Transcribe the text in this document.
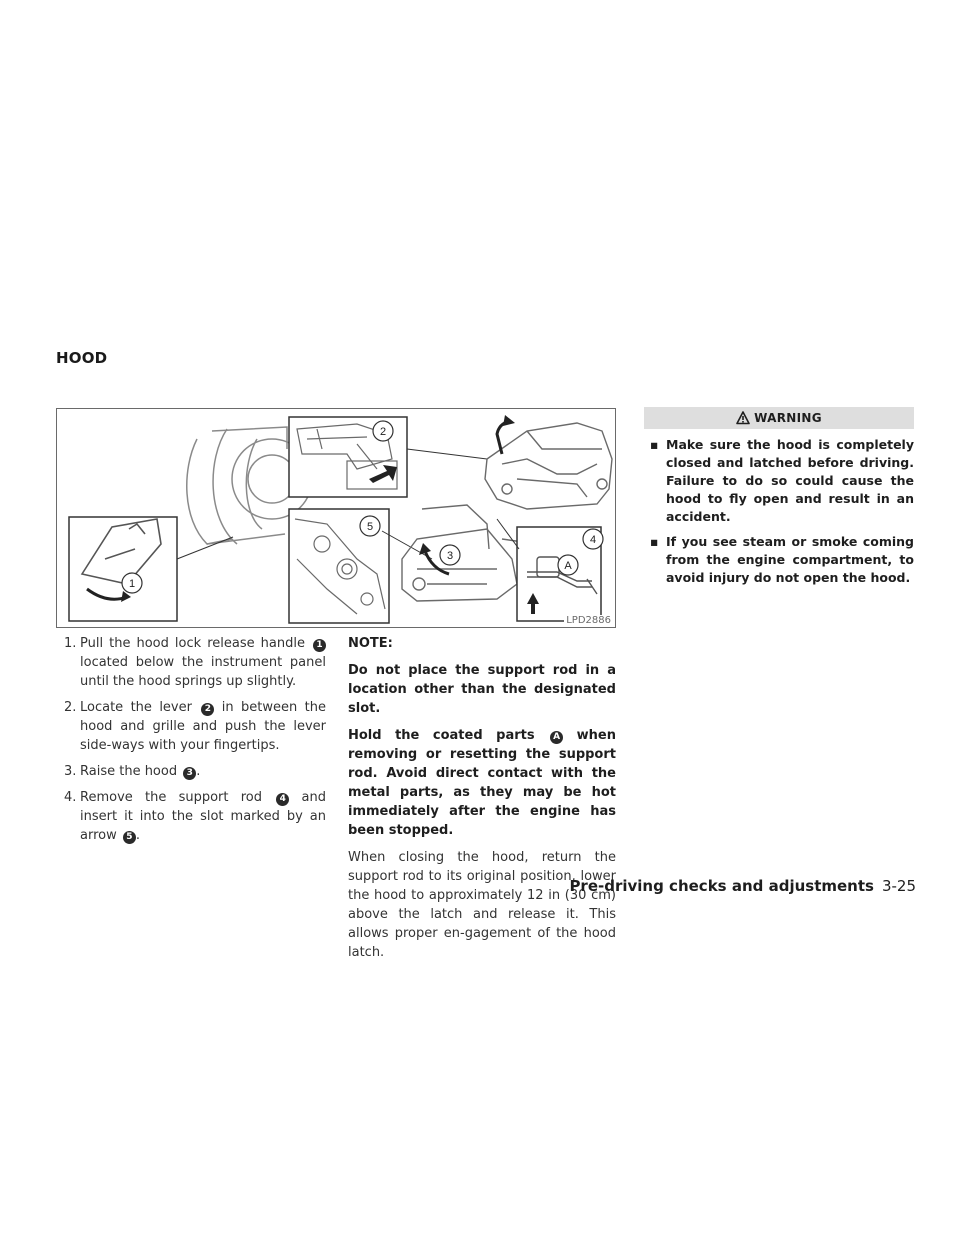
HOOD
1
2
5
3
A
4
LPD2886
1. Pull the hood lock release handle 1 located below the instrument panel until the hood springs up slightly.
2. Locate the lever 2 in between the hood and grille and push the lever side-ways with your fingertips.
3. Raise the hood 3 .
4. Remove the support rod 4 and insert it into the slot marked by an arrow 5 .

NOTE:

Do not place the support rod in a location other than the designated slot.

Hold the coated parts A when removing or resetting the support rod. Avoid direct contact with the metal parts, as they may be hot immediately after the engine has been stopped.

When closing the hood, return the support rod to its original position, lower the hood to approximately 12 in (30 cm) above the latch and release it. This allows proper en-gagement of the hood latch.

WARNING
▪ Make sure the hood is completely closed and latched before driving. Failure to do so could cause the hood to fly open and result in an accident.
▪ If you see steam or smoke coming from the engine compartment, to avoid injury do not open the hood.
Pre-driving checks and adjustments 3-25
